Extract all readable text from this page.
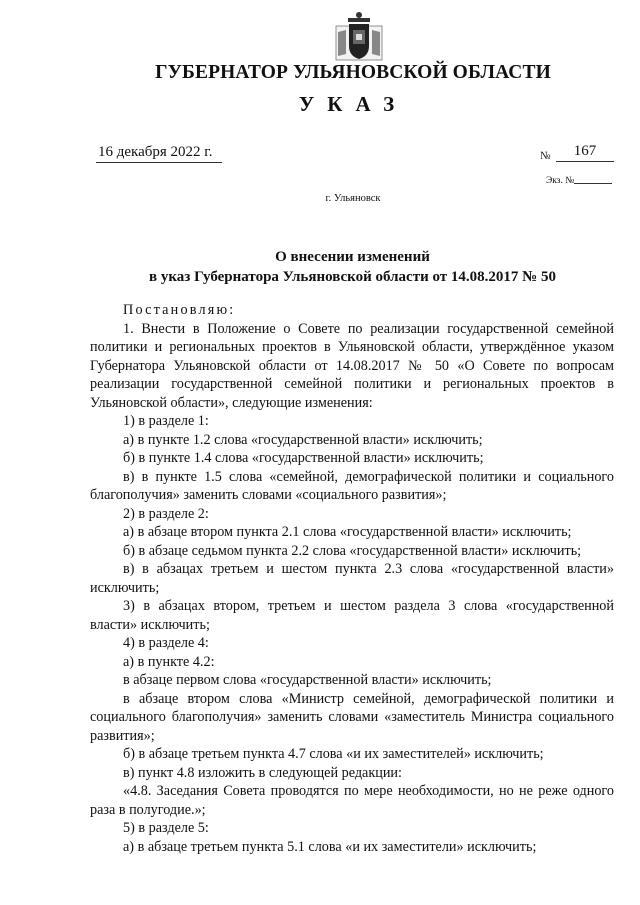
ГУБЕРНАТОР УЛЬЯНОВСКОЙ ОБЛАСТИ
УКАЗ
16 декабря 2022 г.	№	167
Экз. №
г. Ульяновск
О внесении изменений
в указ Губернатора Ульяновской области от 14.08.2017 № 50

Постановляю:

1. Внести в Положение о Совете по реализации государственной семейной политики и региональных проектов в Ульяновской области, утверждённое указом Губернатора Ульяновской области от 14.08.2017 № 50 «О Совете по вопросам реализации государственной семейной политики и региональных проектов в Ульяновской области», следующие изменения:

1) в разделе 1:

а) в пункте 1.2 слова «государственной власти» исключить;

б) в пункте 1.4 слова «государственной власти» исключить;

в) в пункте 1.5 слова «семейной, демографической политики и социального благополучия» заменить словами «социального развития»;

2) в разделе 2:

а) в абзаце втором пункта 2.1 слова «государственной власти» исключить;

б) в абзаце седьмом пункта 2.2 слова «государственной власти» исключить;

в) в абзацах третьем и шестом пункта 2.3 слова «государственной власти» исключить;

3) в абзацах втором, третьем и шестом раздела 3 слова «государственной власти» исключить;

4) в разделе 4:

а) в пункте 4.2:

в абзаце первом слова «государственной власти» исключить;

в абзаце втором слова «Министр семейной, демографической политики и социального благополучия» заменить словами «заместитель Министра социального развития»;

б) в абзаце третьем пункта 4.7 слова «и их заместителей» исключить;

в) пункт 4.8 изложить в следующей редакции:

«4.8. Заседания Совета проводятся по мере необходимости, но не реже одного раза в полугодие.»;

5) в разделе 5:

а) в абзаце третьем пункта 5.1 слова «и их заместители» исключить;
